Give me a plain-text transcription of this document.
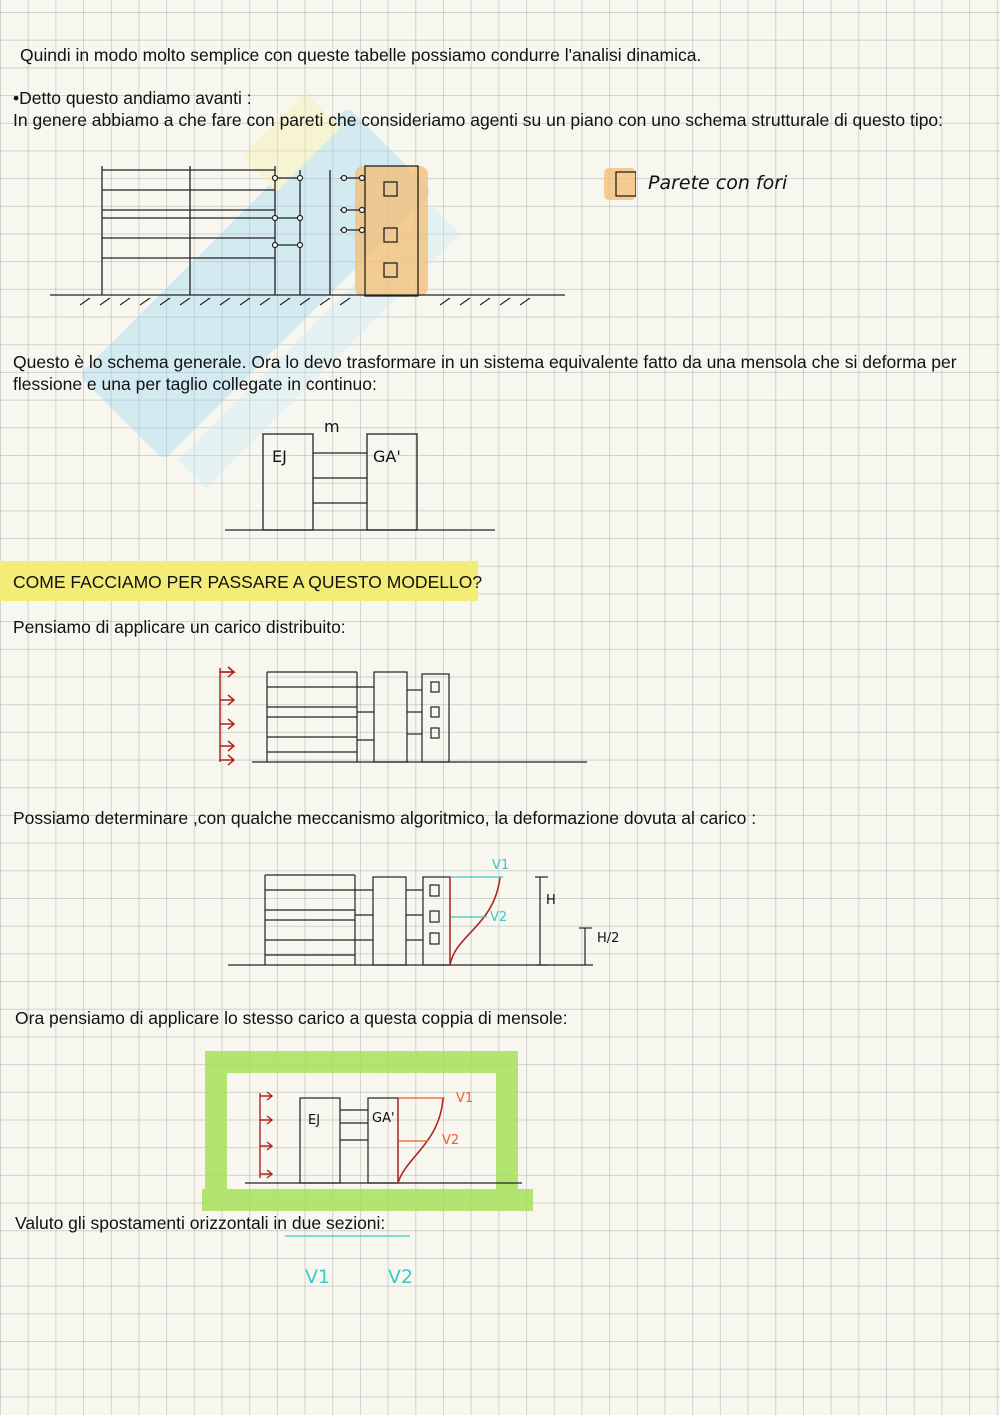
Quindi in modo molto semplice con queste tabelle possiamo condurre l'analisi dinamica.

•Detto questo andiamo avanti :

In genere abbiamo a che fare con pareti che consideriamo agenti su un piano con uno schema strutturale di questo tipo:

Parete con fori

Questo è lo schema generale. Ora lo devo trasformare in un sistema equivalente fatto da una mensola che si deforma per flessione e una per taglio collegate in continuo:

m
EJ	GA'

COME FACCIAMO PER PASSARE A QUESTO MODELLO?

Pensiamo di applicare un carico distribuito:

Possiamo determinare ,con qualche meccanismo algoritmico, la deformazione dovuta al carico :

V1
V2
H
H/2

Ora pensiamo di applicare lo stesso carico a questa coppia di mensole:

EJ	GA'
V1
V2

Valuto gli spostamenti orizzontali in due sezioni:

V1	V2
